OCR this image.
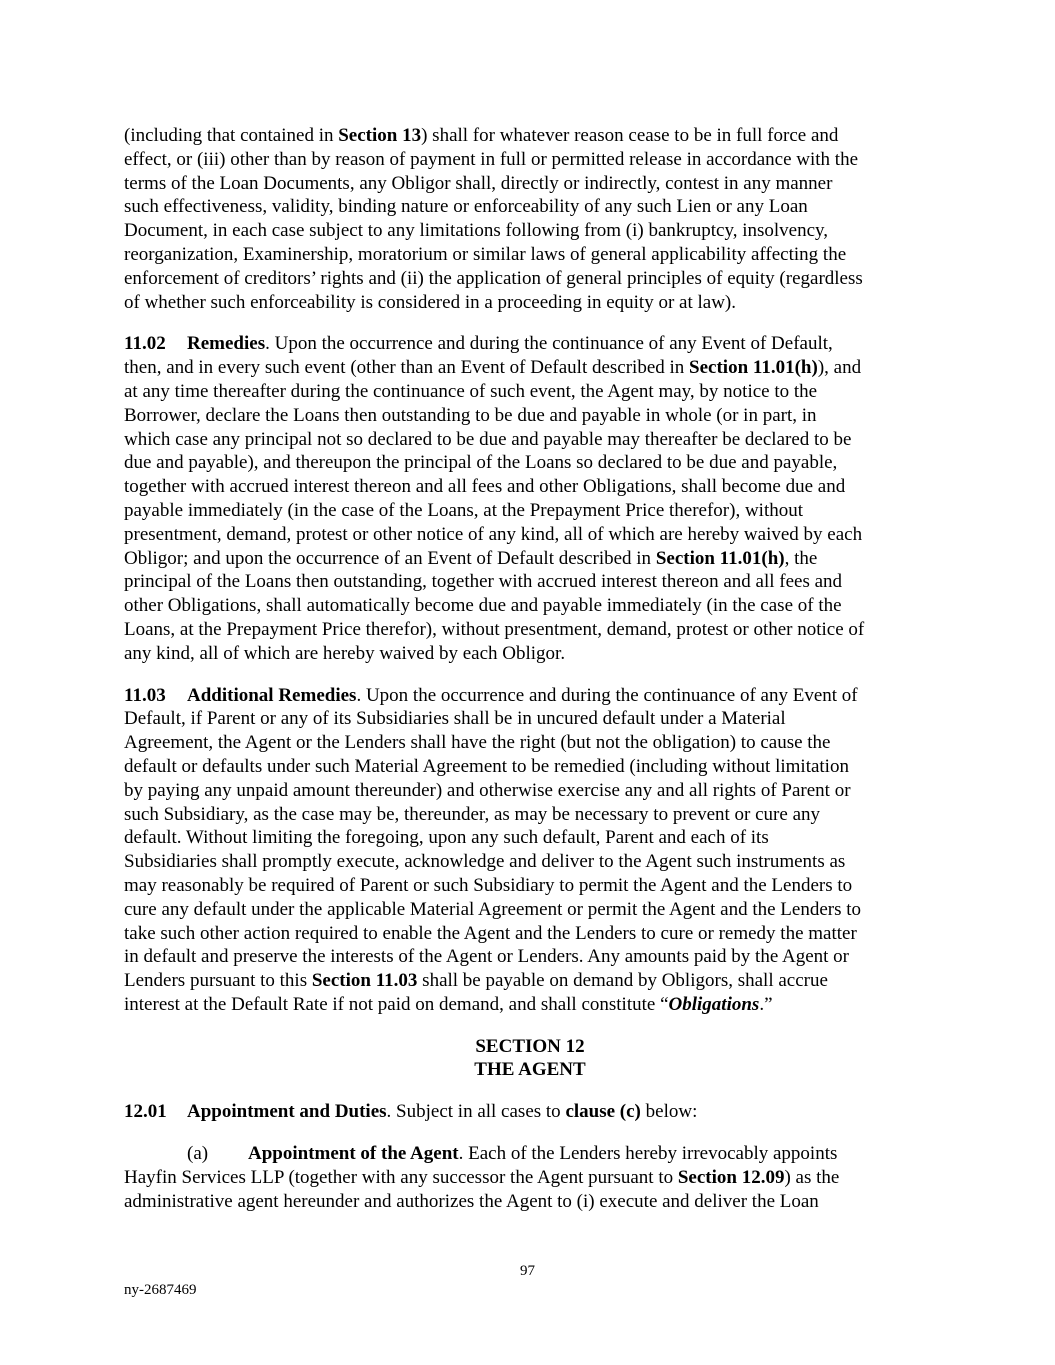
(including that contained in Section 13) shall for whatever reason cease to be in full force and
effect, or (iii) other than by reason of payment in full or permitted release in accordance with the
terms of the Loan Documents, any Obligor shall, directly or indirectly, contest in any manner
such effectiveness, validity, binding nature or enforceability of any such Lien or any Loan
Document, in each case subject to any limitations following from (i) bankruptcy, insolvency,
reorganization, Examinership, moratorium or similar laws of general applicability affecting the
enforcement of creditors’ rights and (ii) the application of general principles of equity (regardless
of whether such enforceability is considered in a proceeding in equity or at law).

11.02 Remedies. Upon the occurrence and during the continuance of any Event of Default,
then, and in every such event (other than an Event of Default described in Section 11.01(h)), and
at any time thereafter during the continuance of such event, the Agent may, by notice to the
Borrower, declare the Loans then outstanding to be due and payable in whole (or in part, in
which case any principal not so declared to be due and payable may thereafter be declared to be
due and payable), and thereupon the principal of the Loans so declared to be due and payable,
together with accrued interest thereon and all fees and other Obligations, shall become due and
payable immediately (in the case of the Loans, at the Prepayment Price therefor), without
presentment, demand, protest or other notice of any kind, all of which are hereby waived by each
Obligor; and upon the occurrence of an Event of Default described in Section 11.01(h), the
principal of the Loans then outstanding, together with accrued interest thereon and all fees and
other Obligations, shall automatically become due and payable immediately (in the case of the
Loans, at the Prepayment Price therefor), without presentment, demand, protest or other notice of
any kind, all of which are hereby waived by each Obligor.

11.03 Additional Remedies. Upon the occurrence and during the continuance of any Event of
Default, if Parent or any of its Subsidiaries shall be in uncured default under a Material
Agreement, the Agent or the Lenders shall have the right (but not the obligation) to cause the
default or defaults under such Material Agreement to be remedied (including without limitation
by paying any unpaid amount thereunder) and otherwise exercise any and all rights of Parent or
such Subsidiary, as the case may be, thereunder, as may be necessary to prevent or cure any
default. Without limiting the foregoing, upon any such default, Parent and each of its
Subsidiaries shall promptly execute, acknowledge and deliver to the Agent such instruments as
may reasonably be required of Parent or such Subsidiary to permit the Agent and the Lenders to
cure any default under the applicable Material Agreement or permit the Agent and the Lenders to
take such other action required to enable the Agent and the Lenders to cure or remedy the matter
in default and preserve the interests of the Agent or Lenders. Any amounts paid by the Agent or
Lenders pursuant to this Section 11.03 shall be payable on demand by Obligors, shall accrue
interest at the Default Rate if not paid on demand, and shall constitute “Obligations.”

SECTION 12
THE AGENT

12.01 Appointment and Duties. Subject in all cases to clause (c) below:

(a) Appointment of the Agent. Each of the Lenders hereby irrevocably appoints
Hayfin Services LLP (together with any successor the Agent pursuant to Section 12.09) as the
administrative agent hereunder and authorizes the Agent to (i) execute and deliver the Loan

97
ny-2687469
